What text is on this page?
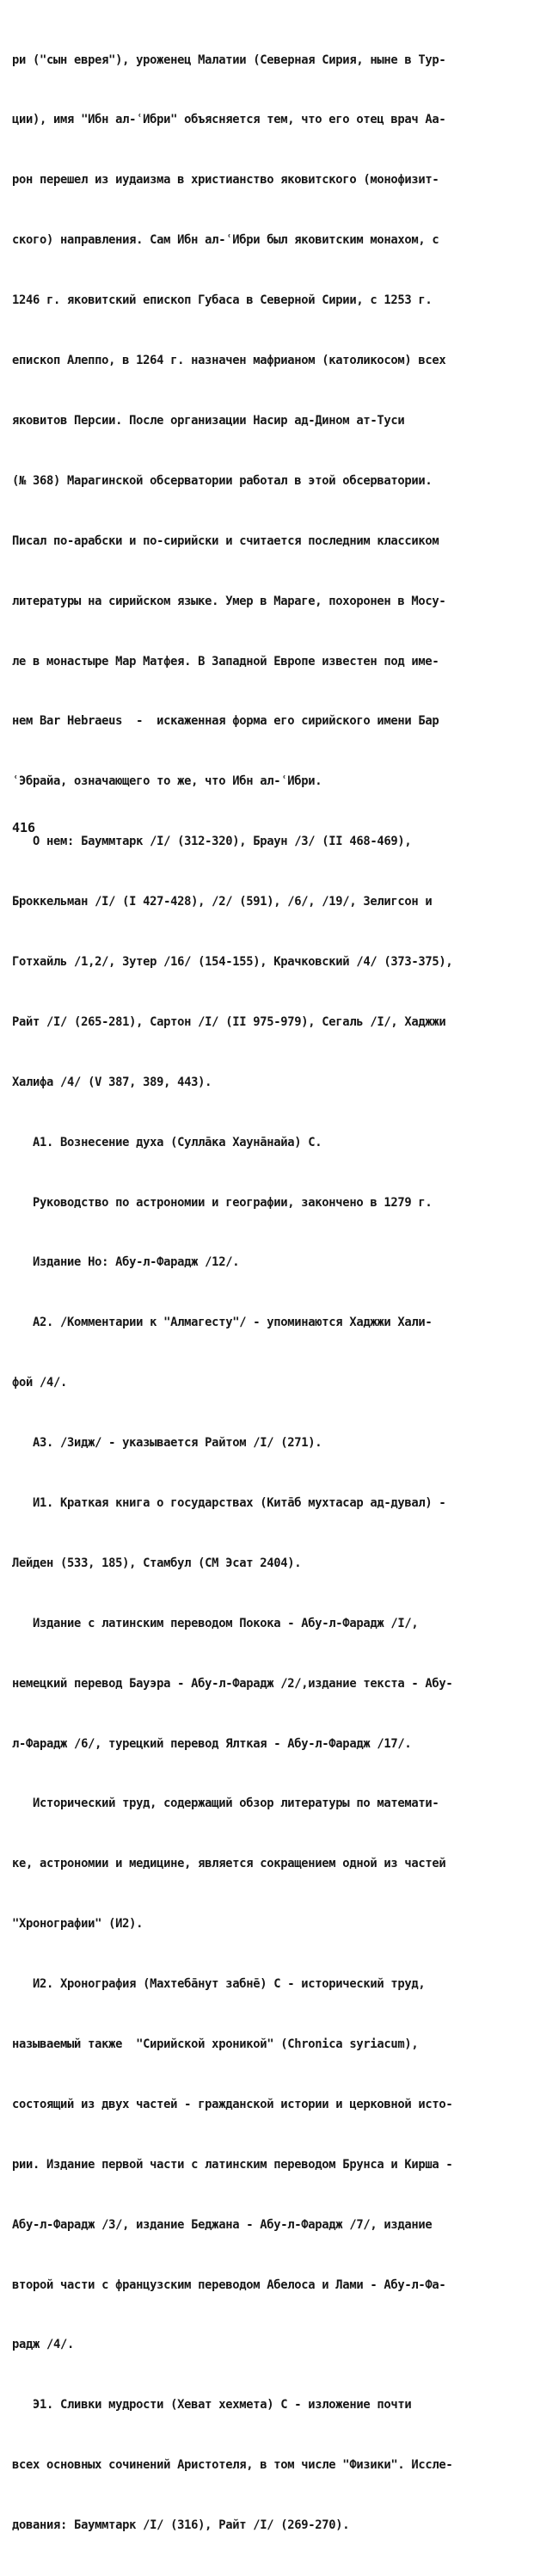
ри ("сын еврея"), уроженец Малатии (Северная Сирия, ныне в Тур-

ции), имя "Ибн ал-ʿИбри" объясняется тем, что его отец врач Аа-

рон перешел из иудаизма в христианство яковитского (монофизит-

ского) направления. Сам Ибн ал-ʿИбри был яковитским монахом, с

1246 г. яковитский епископ Губаса в Северной Сирии, с 1253 г.

епископ Алеппо, в 1264 г. назначен мафрианом (католикосом) всех

яковитов Персии. После организации Насир ад-Дином ат-Туси

(№ 368) Марагинской обсерватории работал в этой обсерватории.

Писал по-арабски и по-сирийски и считается последним классиком

литературы на сирийском языке. Умер в Мараге, похоронен в Мосу-

ле в монастыре Мар Матфея. В Западной Европе известен под име-

нем Bar Hebraeus  -  искаженная форма его сирийского имени Бар

ʿЭбрайа, означающего то же, что Ибн ал-ʿИбри.

О нем: Бауммтарк /I/ (312-320), Браун /3/ (II 468-469),

Броккельман /I/ (I 427-428), /2/ (591), /6/, /19/, Зелигсон и

Готхайль /1,2/, Зутер /16/ (154-155), Крачковский /4/ (373-375),

Райт /I/ (265-281), Сартон /I/ (II 975-979), Сегаль /I/, Хаджжи

Халифа /4/ (V 387, 389, 443).

A1. Вознесение духа (Сулла̄ка Хауна̄найа) С.

Руководство по астрономии и географии, закончено в 1279 г.

Издание Но: Абу-л-Фарадж /12/.

А2. /Комментарии к "Алмагесту"/ - упоминаются Хаджжи Хали-

фой /4/.

А3. /Зидж/ - указывается Райтом /I/ (271).

И1. Краткая книга о государствах (Кита̄б мухтасар ад-дувал) -

Лейден (533, 185), Стамбул (СМ Эсат 2404).

Издание с латинским переводом Покока - Абу-л-Фарадж /I/,

немецкий перевод Бауэра - Абу-л-Фарадж /2/,издание текста - Абу-

л-Фарадж /6/, турецкий перевод Ялткая - Абу-л-Фарадж /17/.

Исторический труд, содержащий обзор литературы по математи-

ке, астрономии и медицине, является сокращением одной из частей

"Хронографии" (И2).

И2. Хронография (Махтеба̄нут забне̄) С - исторический труд,

называемый также  "Сирийской хроникой" (Chronica syriacum),

состоящий из двух частей - гражданской истории и церковной исто-

рии. Издание первой части с латинским переводом Брунса и Кирша -

Абу-л-Фарадж /3/, издание Беджана - Абу-л-Фарадж /7/, издание

второй части с французским переводом Абелоса и Лами - Абу-л-Фа-

радж /4/.

Э1. Сливки мудрости (Хеват хехмета) С - изложение почти

всех основных сочинений Аристотеля, в том числе "Физики". Иссле-

дования: Бауммтарк /I/ (316), Райт /I/ (269-270).

416
